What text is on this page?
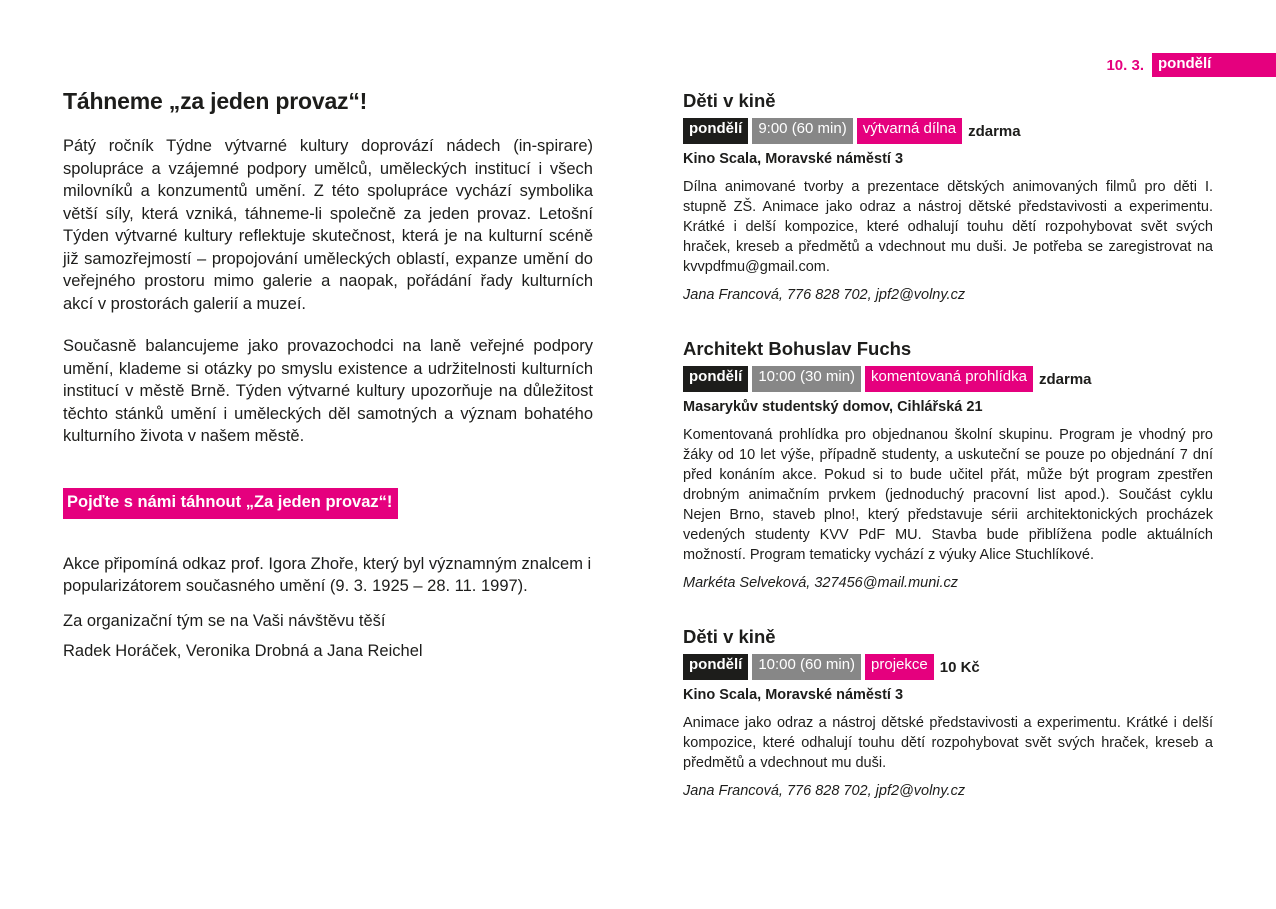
10. 3. pondělí
Táhneme „za jeden provaz“!

Pátý ročník Týdne výtvarné kultury doprovází nádech (in-spirare) spolupráce a vzájemné podpory umělců, uměleckých institucí i všech milovníků a konzumentů umění. Z této spolupráce vychází symbolika větší síly, která vzniká, táhneme-li společně za jeden provaz. Letošní Týden výtvarné kultury reflektuje skutečnost, která je na kulturní scéně již samozřejmostí – propojování uměleckých oblastí, expanze umění do veřejného prostoru mimo galerie a naopak, pořádání řady kulturních akcí v prostorách galerií a muzeí.

Současně balancujeme jako provazochodci na laně veřejné podpory umění, klademe si otázky po smyslu existence a udržitelnosti kulturních institucí v městě Brně. Týden výtvarné kultury upozorňuje na důležitost těchto stánků umění i uměleckých děl samotných a význam bohatého kulturního života v našem městě.

Pojďte s námi táhnout „Za jeden provaz“!

Akce připomíná odkaz prof. Igora Zhoře, který byl významným znalcem i popularizátorem současného umění (9. 3. 1925 – 28. 11. 1997).

Za organizační tým se na Vaši návštěvu těší

Radek Horáček, Veronika Drobná a Jana Reichel

Děti v kině
pondělí	9:00 (60 min)	výtvarná dílna zdarma
Kino Scala, Moravské náměstí 3

Dílna animované tvorby a prezentace dětských animovaných filmů pro děti I. stupně ZŠ. Animace jako odraz a nástroj dětské představivosti a experimentu. Krátké i delší kompozice, které odhalují touhu dětí rozpohybovat svět svých hraček, kreseb a předmětů a vdechnout mu duši. Je potřeba se zaregistrovat na kvvpdfmu@gmail.com.

Jana Francová, 776 828 702, jpf2@volny.cz

Architekt Bohuslav Fuchs
pondělí	10:00 (30 min)	komentovaná prohlídka zdarma
Masarykův studentský domov, Cihlářská 21

Komentovaná prohlídka pro objednanou školní skupinu. Program je vhodný pro žáky od 10 let výše, případně studenty, a uskuteční se pouze po objednání 7 dní před konáním akce. Pokud si to bude učitel přát, může být program zpestřen drobným animačním prvkem (jednoduchý pracovní list apod.). Součást cyklu Nejen Brno, staveb plno!, který představuje sérii architektonických procházek vedených studenty KVV PdF MU. Stavba bude přiblížena podle aktuálních možností. Program tematicky vychází z výuky Alice Stuchlíkové.

Markéta Selveková, 327456@mail.muni.cz

Děti v kině
pondělí	10:00 (60 min)	projekce 10 Kč
Kino Scala, Moravské náměstí 3

Animace jako odraz a nástroj dětské představivosti a experimentu. Krátké i delší kompozice, které odhalují touhu dětí rozpohybovat svět svých hraček, kreseb a předmětů a vdechnout mu duši.

Jana Francová, 776 828 702, jpf2@volny.cz
